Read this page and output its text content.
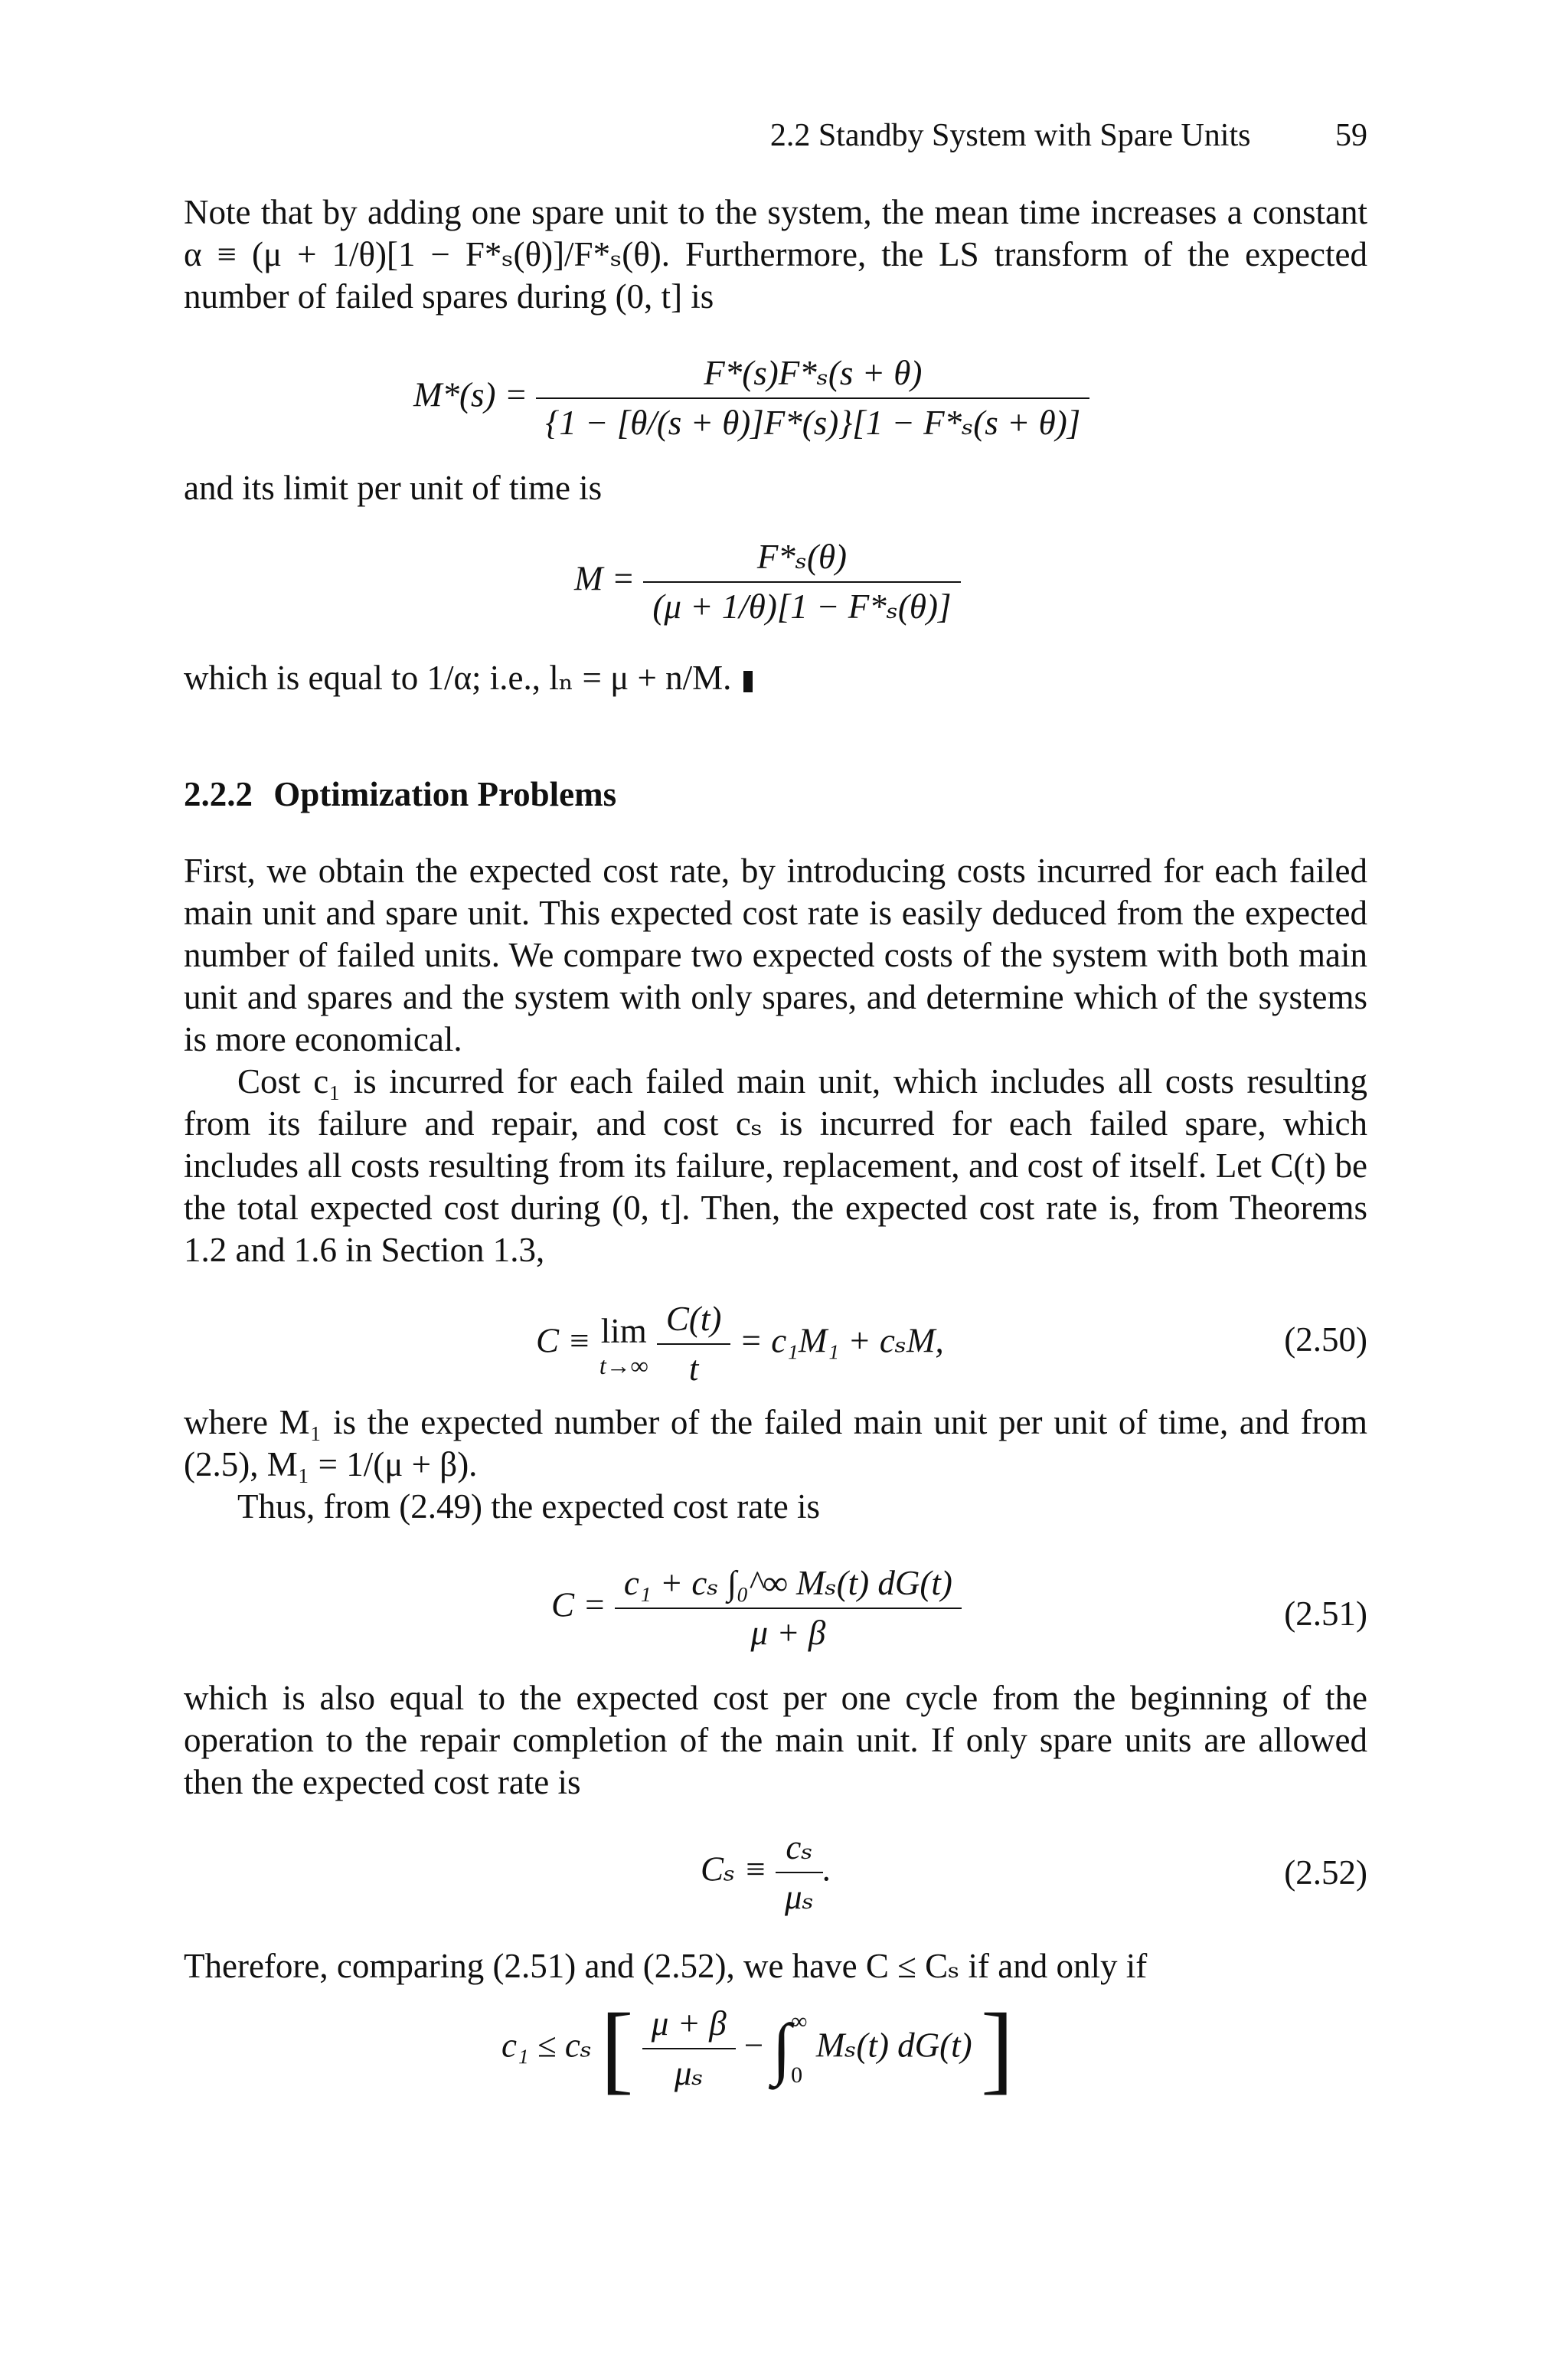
2.2 Standby System with Spare Units	59

Note that by adding one spare unit to the system, the mean time increases a constant α ≡ (μ + 1/θ)[1 − F*ₛ(θ)]/F*ₛ(θ). Furthermore, the LS transform of the expected number of failed spares during (0, t] is

$M*(s) = \frac{\text{F*(s)F*ₛ(s + θ)}}{\text{\{1 − [θ/(s + θ)]F*(s)\}[1 − F*ₛ(s + θ)]}}$

and its limit per unit of time is

$M = \frac{\text{F*ₛ(θ)}}{\text{(μ + 1/θ)[1 − F*ₛ(θ)]}}$

which is equal to 1/α; i.e., lₙ = μ + n/M.

2.2.2 Optimization Problems

First, we obtain the expected cost rate, by introducing costs incurred for each failed main unit and spare unit. This expected cost rate is easily deduced from the expected number of failed units. We compare two expected costs of the system with both main unit and spares and the system with only spares, and determine which of the systems is more economical.

Cost c₁ is incurred for each failed main unit, which includes all costs resulting from its failure and repair, and cost cₛ is incurred for each failed spare, which includes all costs resulting from its failure, replacement, and cost of itself. Let C(t) be the total expected cost during (0, t]. Then, the expected cost rate is, from Theorems 1.2 and 1.6 in Section 1.3,

C ≡ lim
t→∞
$\frac{C(t)}{t} = c_1M_1 + c_sM$,	(2.50)

where M₁ is the expected number of the failed main unit per unit of time, and from (2.5), M₁ = 1/(μ + β).

Thus, from (2.49) the expected cost rate is

$C = \frac{\text{c₁ + cₛ ∫₀\textasciicircum{}∞ Mₛ(t) dG(t)}}{\mu + \beta}$	(2.51)

which is also equal to the expected cost per one cycle from the beginning of the operation to the repair completion of the main unit. If only spare units are allowed then the expected cost rate is

$C_s \equiv \frac{\text{cₛ}}{\text{μₛ}}$ .	(2.52)

Therefore, comparing (2.51) and (2.52), we have C ≤ Cₛ if and only if

c₁ ≤ cₛ [ $\frac{\mu + \beta}{\text{μₛ}}$ − ∫ ∞
0
Mₛ(t) dG(t) ]
